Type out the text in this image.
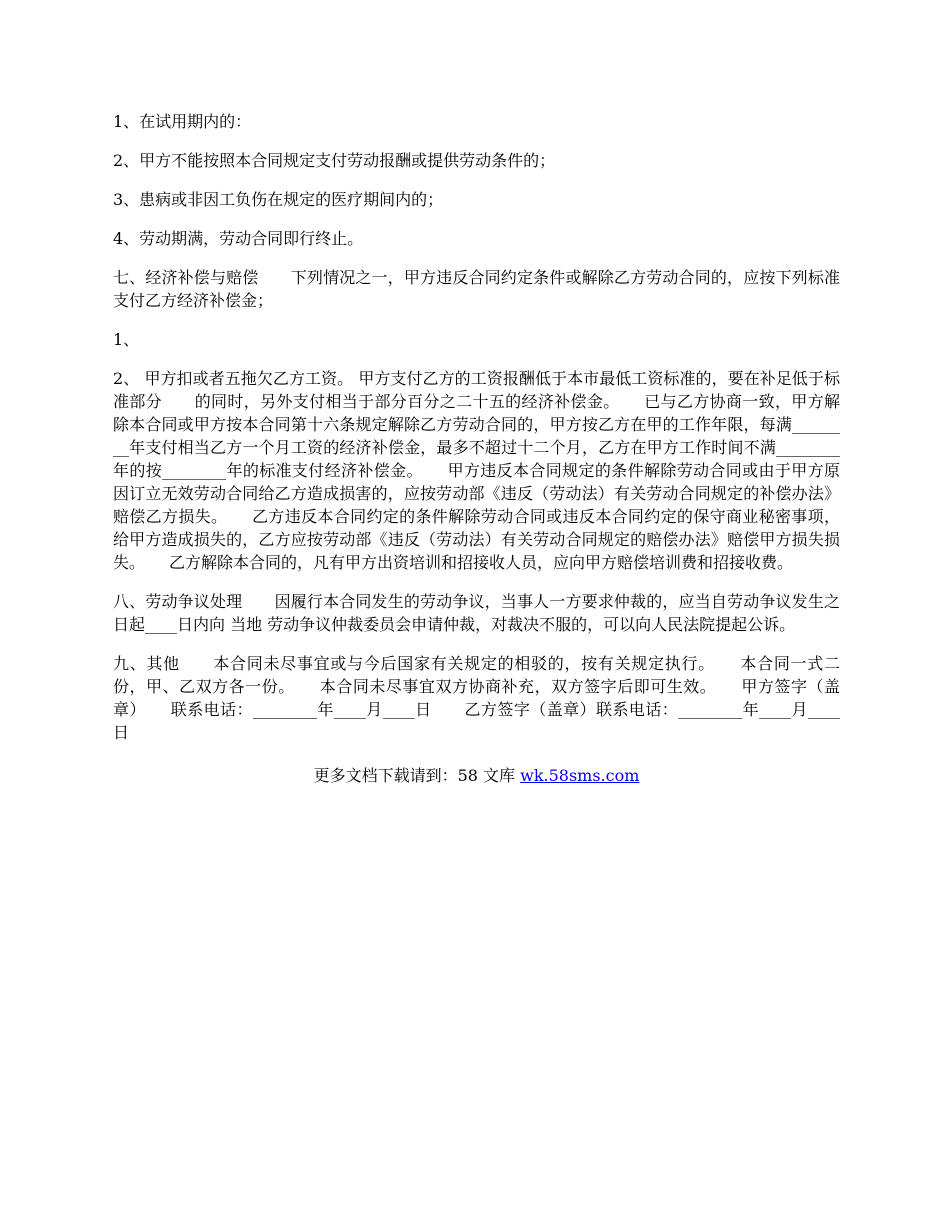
1、在试用期内的：

2、甲方不能按照本合同规定支付劳动报酬或提供劳动条件的；

3、患病或非因工负伤在规定的医疗期间内的；

4、劳动期满，劳动合同即行终止。

七、经济补偿与赔偿　　下列情况之一，甲方违反合同约定条件或解除乙方劳动合同的，应按下列标准支付乙方经济补偿金；

1、

2、 甲方扣或者五拖欠乙方工资。 甲方支付乙方的工资报酬低于本市最低工资标准的，要在补足低于标准部分　　的同时，另外支付相当于部分百分之二十五的经济补偿金。　　已与乙方协商一致，甲方解除本合同或甲方按本合同第十六条规定解除乙方劳动合同的，甲方按乙方在甲的工作年限，每满________年支付相当乙方一个月工资的经济补偿金，最多不超过十二个月，乙方在甲方工作时间不满________年的按________年的标准支付经济补偿金。　　甲方违反本合同规定的条件解除劳动合同或由于甲方原因订立无效劳动合同给乙方造成损害的，应按劳动部《违反（劳动法）有关劳动合同规定的补偿办法》赔偿乙方损失。　　乙方违反本合同约定的条件解除劳动合同或违反本合同约定的保守商业秘密事项，给甲方造成损失的，乙方应按劳动部《违反（劳动法）有关劳动合同规定的赔偿办法》赔偿甲方损失损失。　　乙方解除本合同的，凡有甲方出资培训和招接收人员，应向甲方赔偿培训费和招接收费。

八、劳动争议处理　　因履行本合同发生的劳动争议，当事人一方要求仲裁的，应当自劳动争议发生之日起____日内向 当地 劳动争议仲裁委员会申请仲裁，对裁决不服的，可以向人民法院提起公诉。

九、其他　　本合同未尽事宜或与今后国家有关规定的相驳的，按有关规定执行。　　本合同一式二份，甲、乙双方各一份。　　本合同未尽事宜双方协商补充，双方签字后即可生效。　　甲方签字（盖章）　　联系电话：________年____月____日　　乙方签字（盖章）联系电话：________年____月____日

更多文档下载请到：58 文库 wk.58sms.com
